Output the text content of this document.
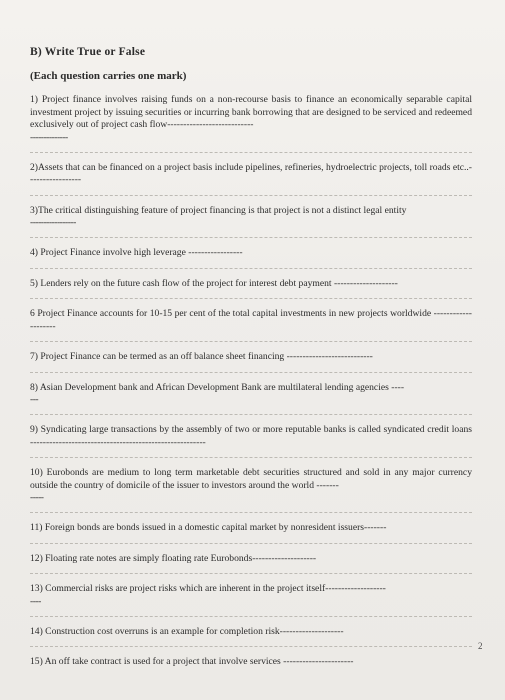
B) Write True or False
(Each question carries one mark)

1) Project finance involves raising funds on a non-recourse basis to finance an economically separable capital investment project by issuing securities or incurring bank borrowing that are designed to be serviced and redeemed exclusively out of project cash flow---------------------------

--------------

2)Assets that can be financed on a project basis include pipelines, refineries, hydroelectric projects, toll roads etc..-----------------

3)The critical distinguishing feature of project financing is that project is not a distinct legal entity

-----------------

4) Project Finance involve high leverage -----------------

5) Lenders rely on the future cash flow of the project for interest debt payment --------------------

6 Project Finance accounts for 10-15 per cent of the total capital investments in new projects worldwide --------------------

7) Project Finance can be termed as an off balance sheet financing ---------------------------

8) Asian Development bank and African Development Bank are multilateral lending agencies ----

---

9) Syndicating large transactions by the assembly of two or more reputable banks is called syndicated credit loans -------------------------------------------------------

10) Eurobonds are medium to long term marketable debt securities structured and sold in any major currency outside the country of domicile of the issuer to investors around the world -------

-----

11) Foreign bonds are bonds issued in a domestic capital market by nonresident issuers-------

12) Floating rate notes are simply floating rate Eurobonds--------------------

13) Commercial risks are project risks which are inherent in the project itself-------------------

----

14) Construction cost overruns is an example for completion risk--------------------

15) An off take contract is used for a project that involve services ----------------------

2
